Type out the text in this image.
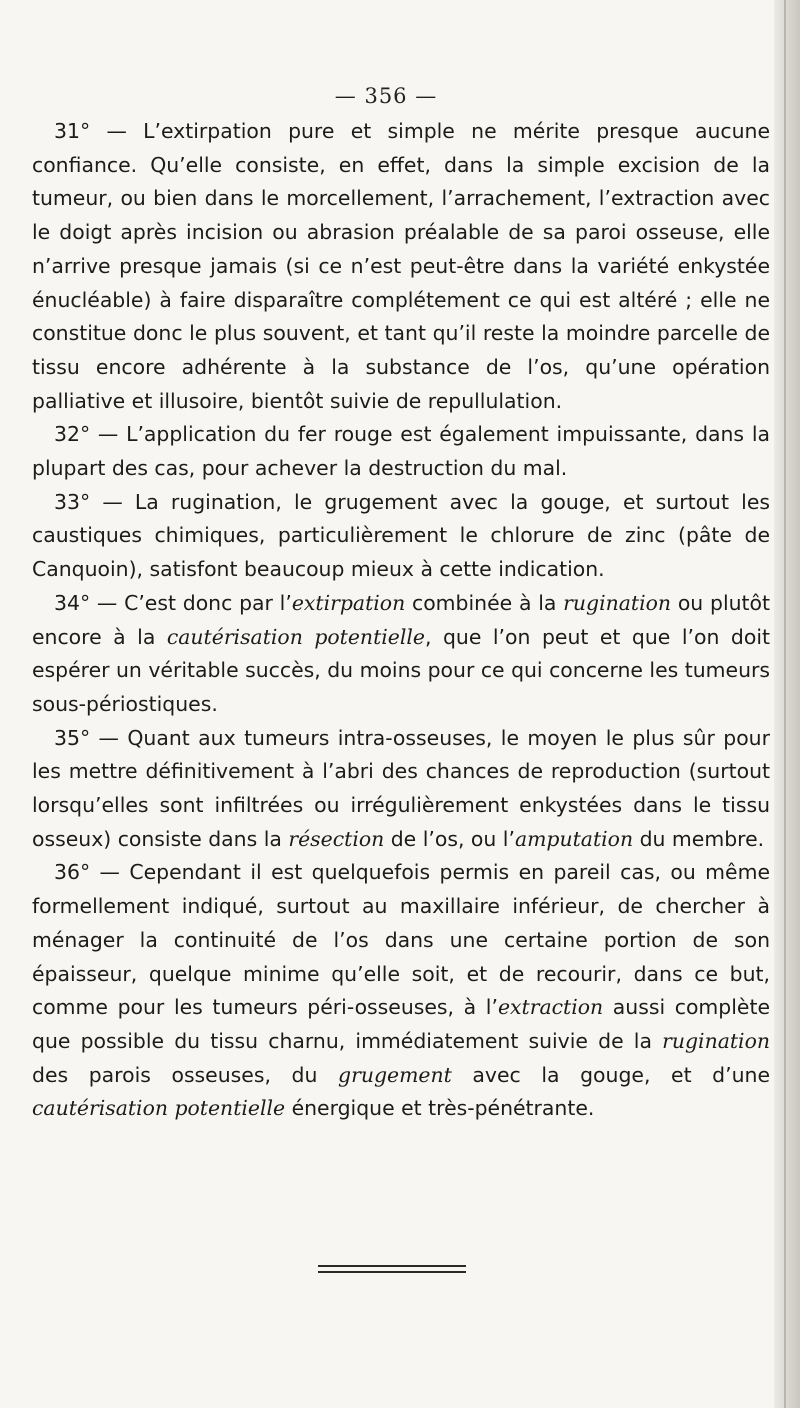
— 356 —

31° — L’extirpation pure et simple ne mérite presque aucune confiance. Qu’elle consiste, en effet, dans la simple excision de la tumeur, ou bien dans le morcellement, l’arrachement, l’extraction avec le doigt après incision ou abrasion préalable de sa paroi osseuse, elle n’arrive presque jamais (si ce n’est peut-être dans la variété enkystée énucléable) à faire disparaître complétement ce qui est altéré ; elle ne constitue donc le plus souvent, et tant qu’il reste la moindre parcelle de tissu encore adhérente à la substance de l’os, qu’une opération palliative et illusoire, bientôt suivie de repullulation.

32° — L’application du fer rouge est également impuissante, dans la plupart des cas, pour achever la destruction du mal.

33° — La rugination, le grugement avec la gouge, et surtout les caustiques chimiques, particulièrement le chlorure de zinc (pâte de Canquoin), satisfont beaucoup mieux à cette indication.

34° — C’est donc par l’extirpation combinée à la rugination ou plutôt encore à la cautérisation potentielle, que l’on peut et que l’on doit espérer un véritable succès, du moins pour ce qui concerne les tumeurs sous-périostiques.

35° — Quant aux tumeurs intra-osseuses, le moyen le plus sûr pour les mettre définitivement à l’abri des chances de reproduction (surtout lorsqu’elles sont infiltrées ou irrégulièrement enkystées dans le tissu osseux) consiste dans la résection de l’os, ou l’amputation du membre.

36° — Cependant il est quelquefois permis en pareil cas, ou même formellement indiqué, surtout au maxillaire inférieur, de chercher à ménager la continuité de l’os dans une certaine portion de son épaisseur, quelque minime qu’elle soit, et de recourir, dans ce but, comme pour les tumeurs péri-osseuses, à l’extraction aussi complète que possible du tissu charnu, immédiatement suivie de la rugination des parois osseuses, du grugement avec la gouge, et d’une cautérisation potentielle énergique et très-pénétrante.
